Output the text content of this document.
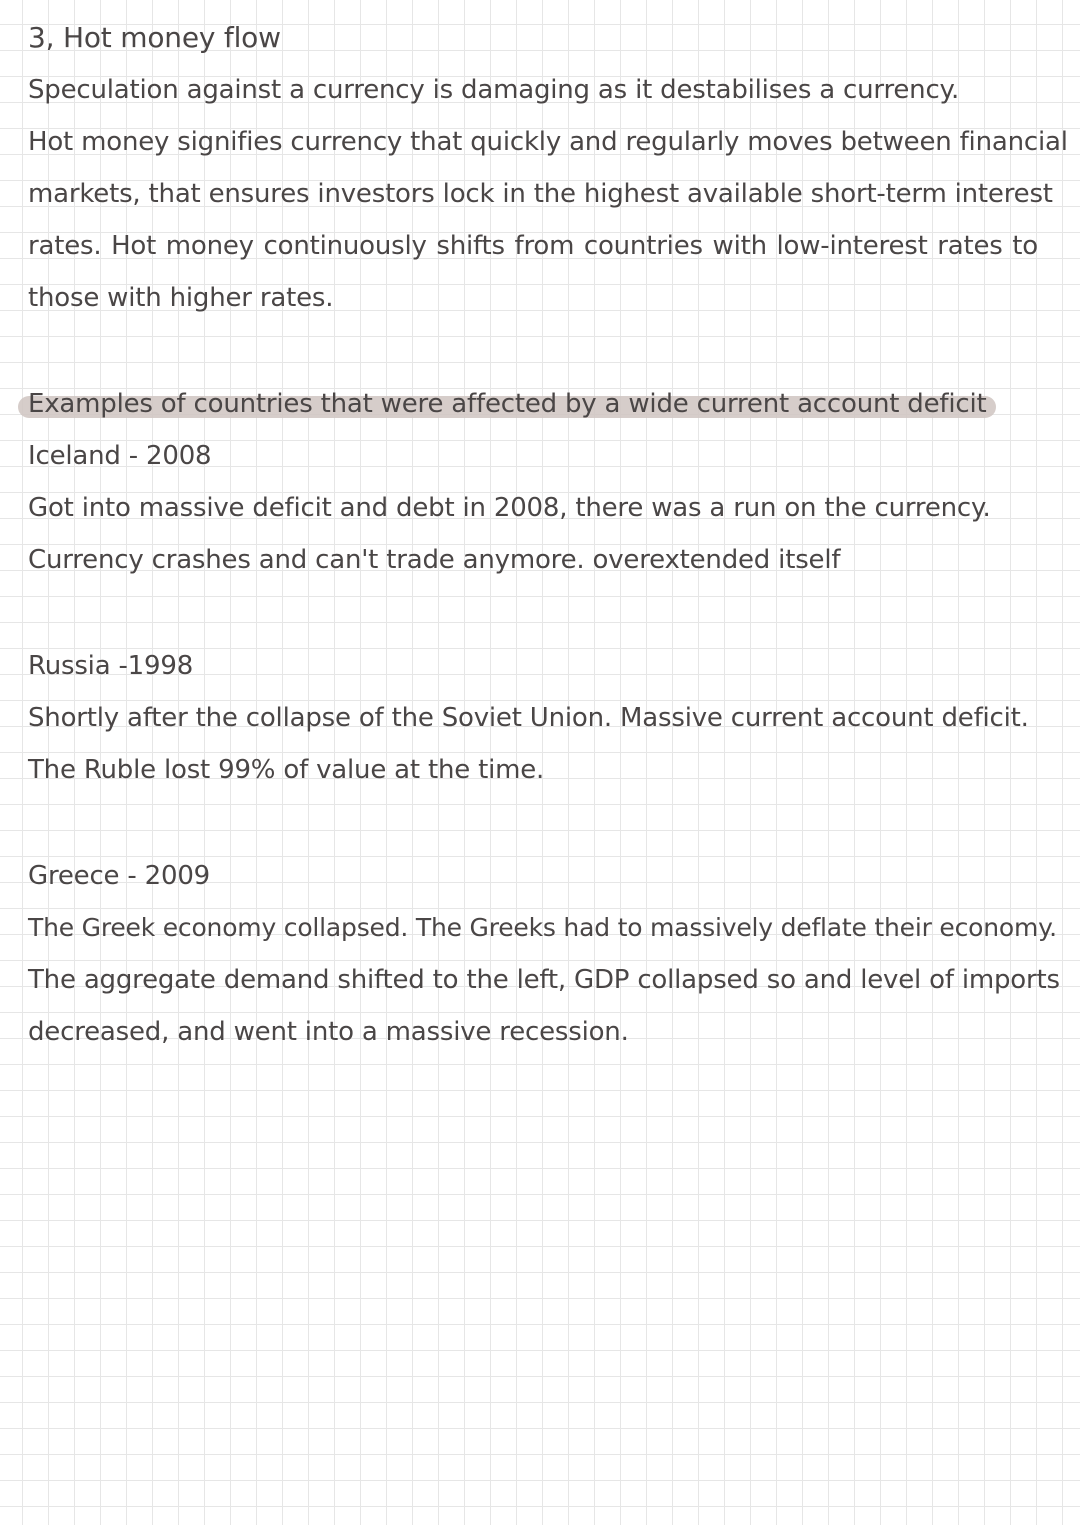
3, Hot money flow
Speculation against a currency is damaging as it destabilises a currency.
Hot money signifies currency that quickly and regularly moves between financial
markets, that ensures investors lock in the highest available short-term interest
rates. Hot money continuously shifts from countries with low-interest rates to
those with higher rates.
Examples of countries that were affected by a wide current account deficit
Iceland - 2008
Got into massive deficit and debt in 2008, there was a run on the currency.
Currency crashes and can't trade anymore. overextended itself
Russia -1998
Shortly after the collapse of the Soviet Union. Massive current account deficit.
The Ruble lost 99% of value at the time.
Greece - 2009
The Greek economy collapsed. The Greeks had to massively deflate their economy.
The aggregate demand shifted to the left, GDP collapsed so and level of imports
decreased, and went into a massive recession.
